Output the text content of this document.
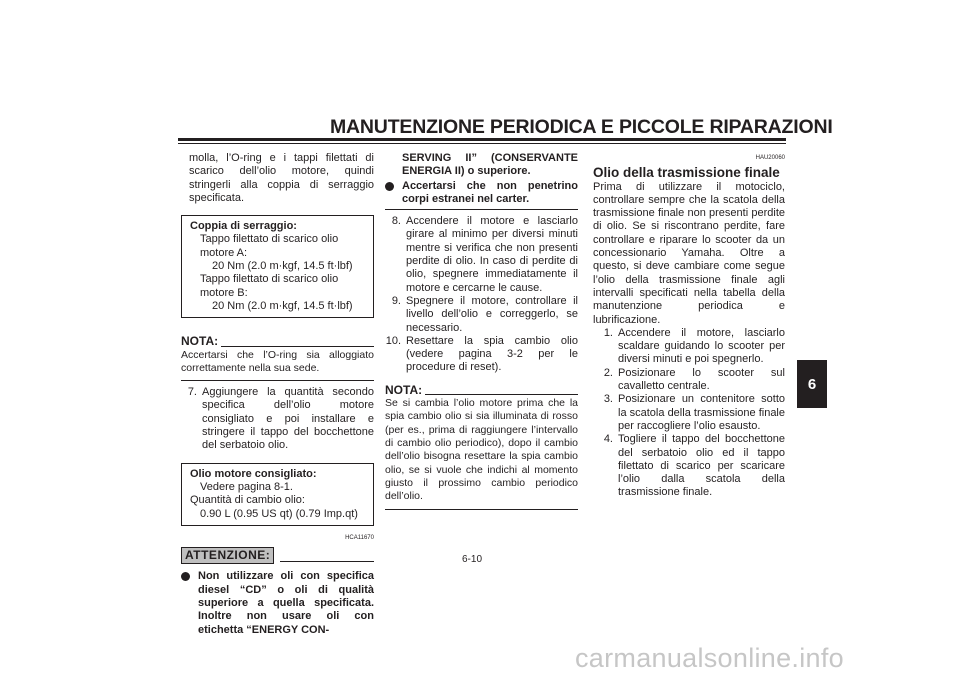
MANUTENZIONE PERIODICA E PICCOLE RIPARAZIONI
6

molla, l’O-ring e i tappi filettati di scarico dell’olio motore, quindi stringerli alla coppia di serraggio specificata.

Coppia di serraggio:
Tappo filettato di scarico olio motore A:
20 Nm (2.0 m·kgf, 14.5 ft·lbf)
Tappo filettato di scarico olio motore B:
20 Nm (2.0 m·kgf, 14.5 ft·lbf)
NOTA:

Accertarsi che l’O-ring sia alloggiato correttamente nella sua sede.

7. Aggiungere la quantità secondo specifica dell’olio motore consigliato e poi installare e stringere il tappo del bocchettone del serbatoio olio.
Olio motore consigliato:
Vedere pagina 8-1.
Quantità di cambio olio:
0.90 L (0.95 US qt) (0.79 Imp.qt)
HCA11670
ATTENZIONE:
Non utilizzare oli con specifica diesel “CD” o oli di qualità superiore a quella specificata. Inoltre non usare oli con etichetta “ENERGY CON-

SERVING II” (CONSERVANTE ENERGIA II) o superiore.

Accertarsi che non penetrino corpi estranei nel carter.
8. Accendere il motore e lasciarlo girare al minimo per diversi minuti mentre si verifica che non presenti perdite di olio. In caso di perdite di olio, spegnere immediatamente il motore e cercarne le cause.
9. Spegnere il motore, controllare il livello dell’olio e correggerlo, se necessario.
10. Resettare la spia cambio olio (vedere pagina 3-2 per le procedure di reset).
NOTA:

Se si cambia l’olio motore prima che la spia cambio olio si sia illuminata di rosso (per es., prima di raggiungere l’intervallo di cambio olio periodico), dopo il cambio dell’olio bisogna resettare la spia cambio olio, se si vuole che indichi al momento giusto il prossimo cambio periodico dell’olio.

HAU20060
Olio della trasmissione finale

Prima di utilizzare il motociclo, controllare sempre che la scatola della trasmissione finale non presenti perdite di olio. Se si riscontrano perdite, fare controllare e riparare lo scooter da un concessionario Yamaha. Oltre a questo, si deve cambiare come segue l’olio della trasmissione finale agli intervalli specificati nella tabella della manutenzione periodica e lubrificazione.

1. Accendere il motore, lasciarlo scaldare guidando lo scooter per diversi minuti e poi spegnerlo.
2. Posizionare lo scooter sul cavalletto centrale.
3. Posizionare un contenitore sotto la scatola della trasmissione finale per raccogliere l’olio esausto.
4. Togliere il tappo del bocchettone del serbatoio olio ed il tappo filettato di scarico per scaricare l’olio dalla scatola della trasmissione finale.
6-10
carmanualsonline.info
